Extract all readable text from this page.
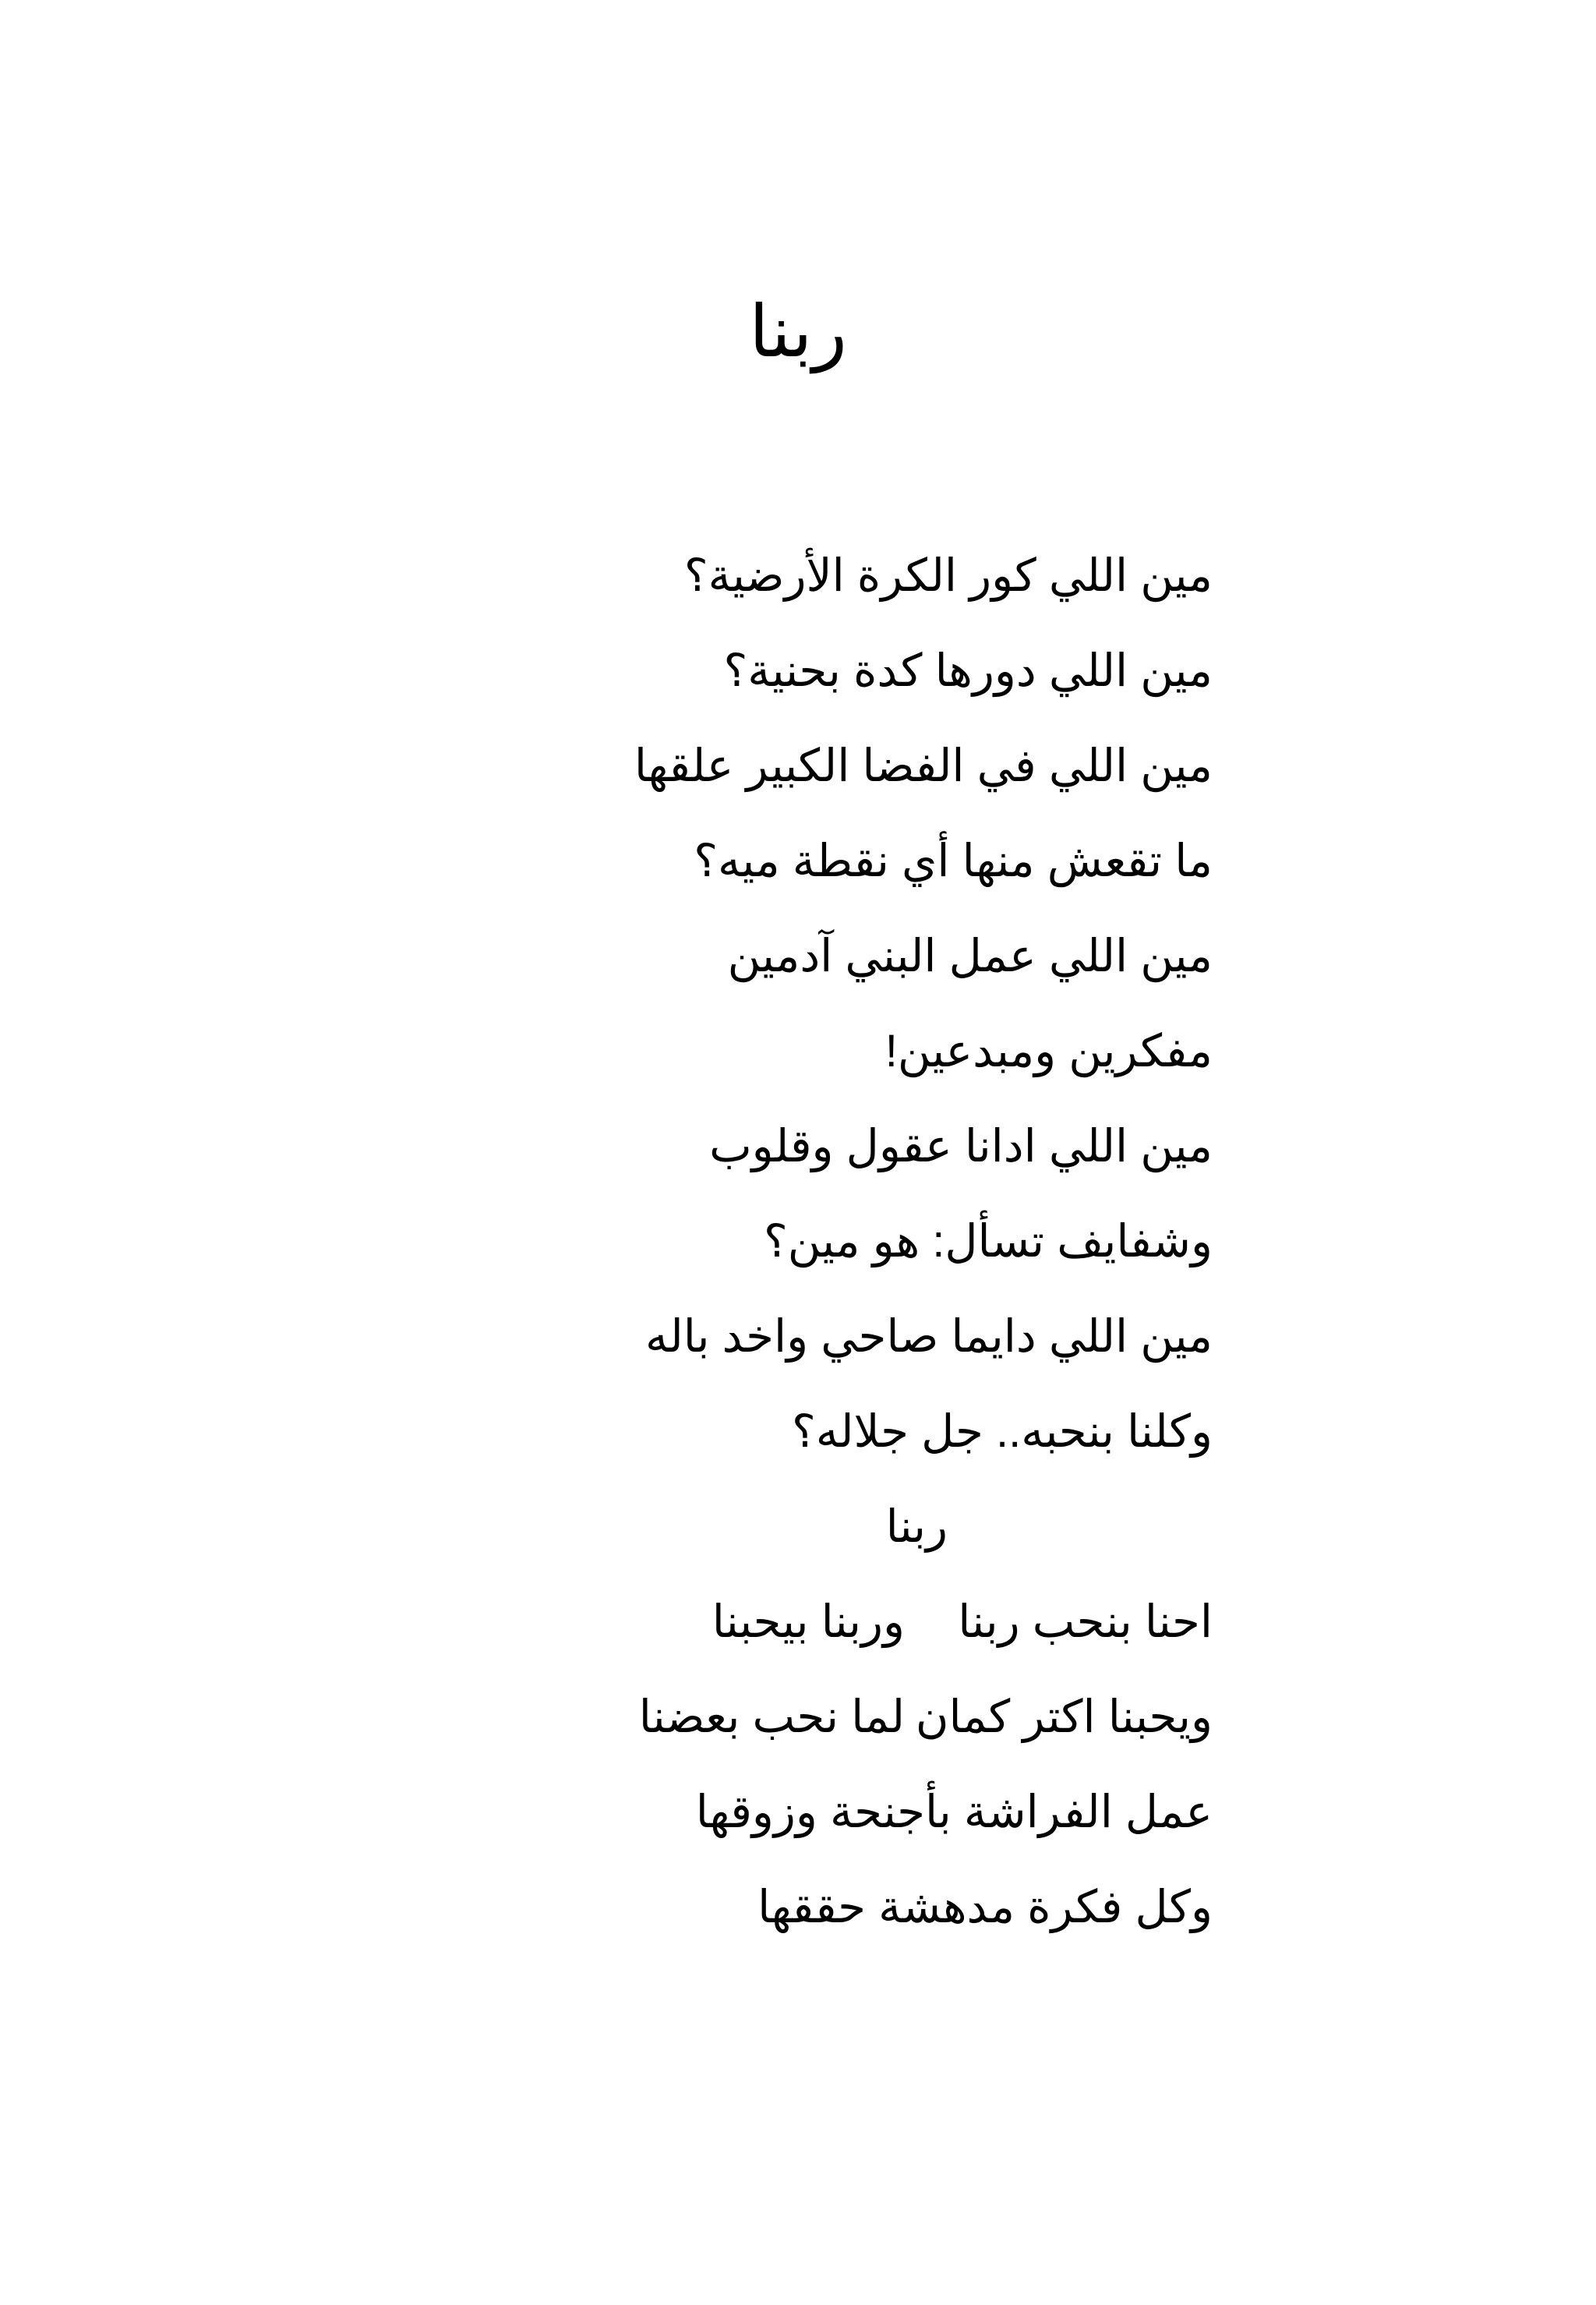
ربنا
مين اللي كور الكرة الأرضية؟
مين اللي دورها كدة بحنية؟
مين اللي في الفضا الكبير علقها
ما تقعش منها أي نقطة ميه؟
مين اللي عمل البني آدمين
مفكرين ومبدعين!
مين اللي ادانا عقول وقلوب
وشفايف تسأل: هو مين؟
مين اللي دايما صاحي واخد باله
وكلنا بنحبه.. جل جلاله؟
ربنا
احنا بنحب ربنا
وربنا بيحبنا
ويحبنا اكتر كمان
لما نحب بعضنا
عمل الفراشة بأجنحة وزوقها
وكل فكرة مدهشة حققها
